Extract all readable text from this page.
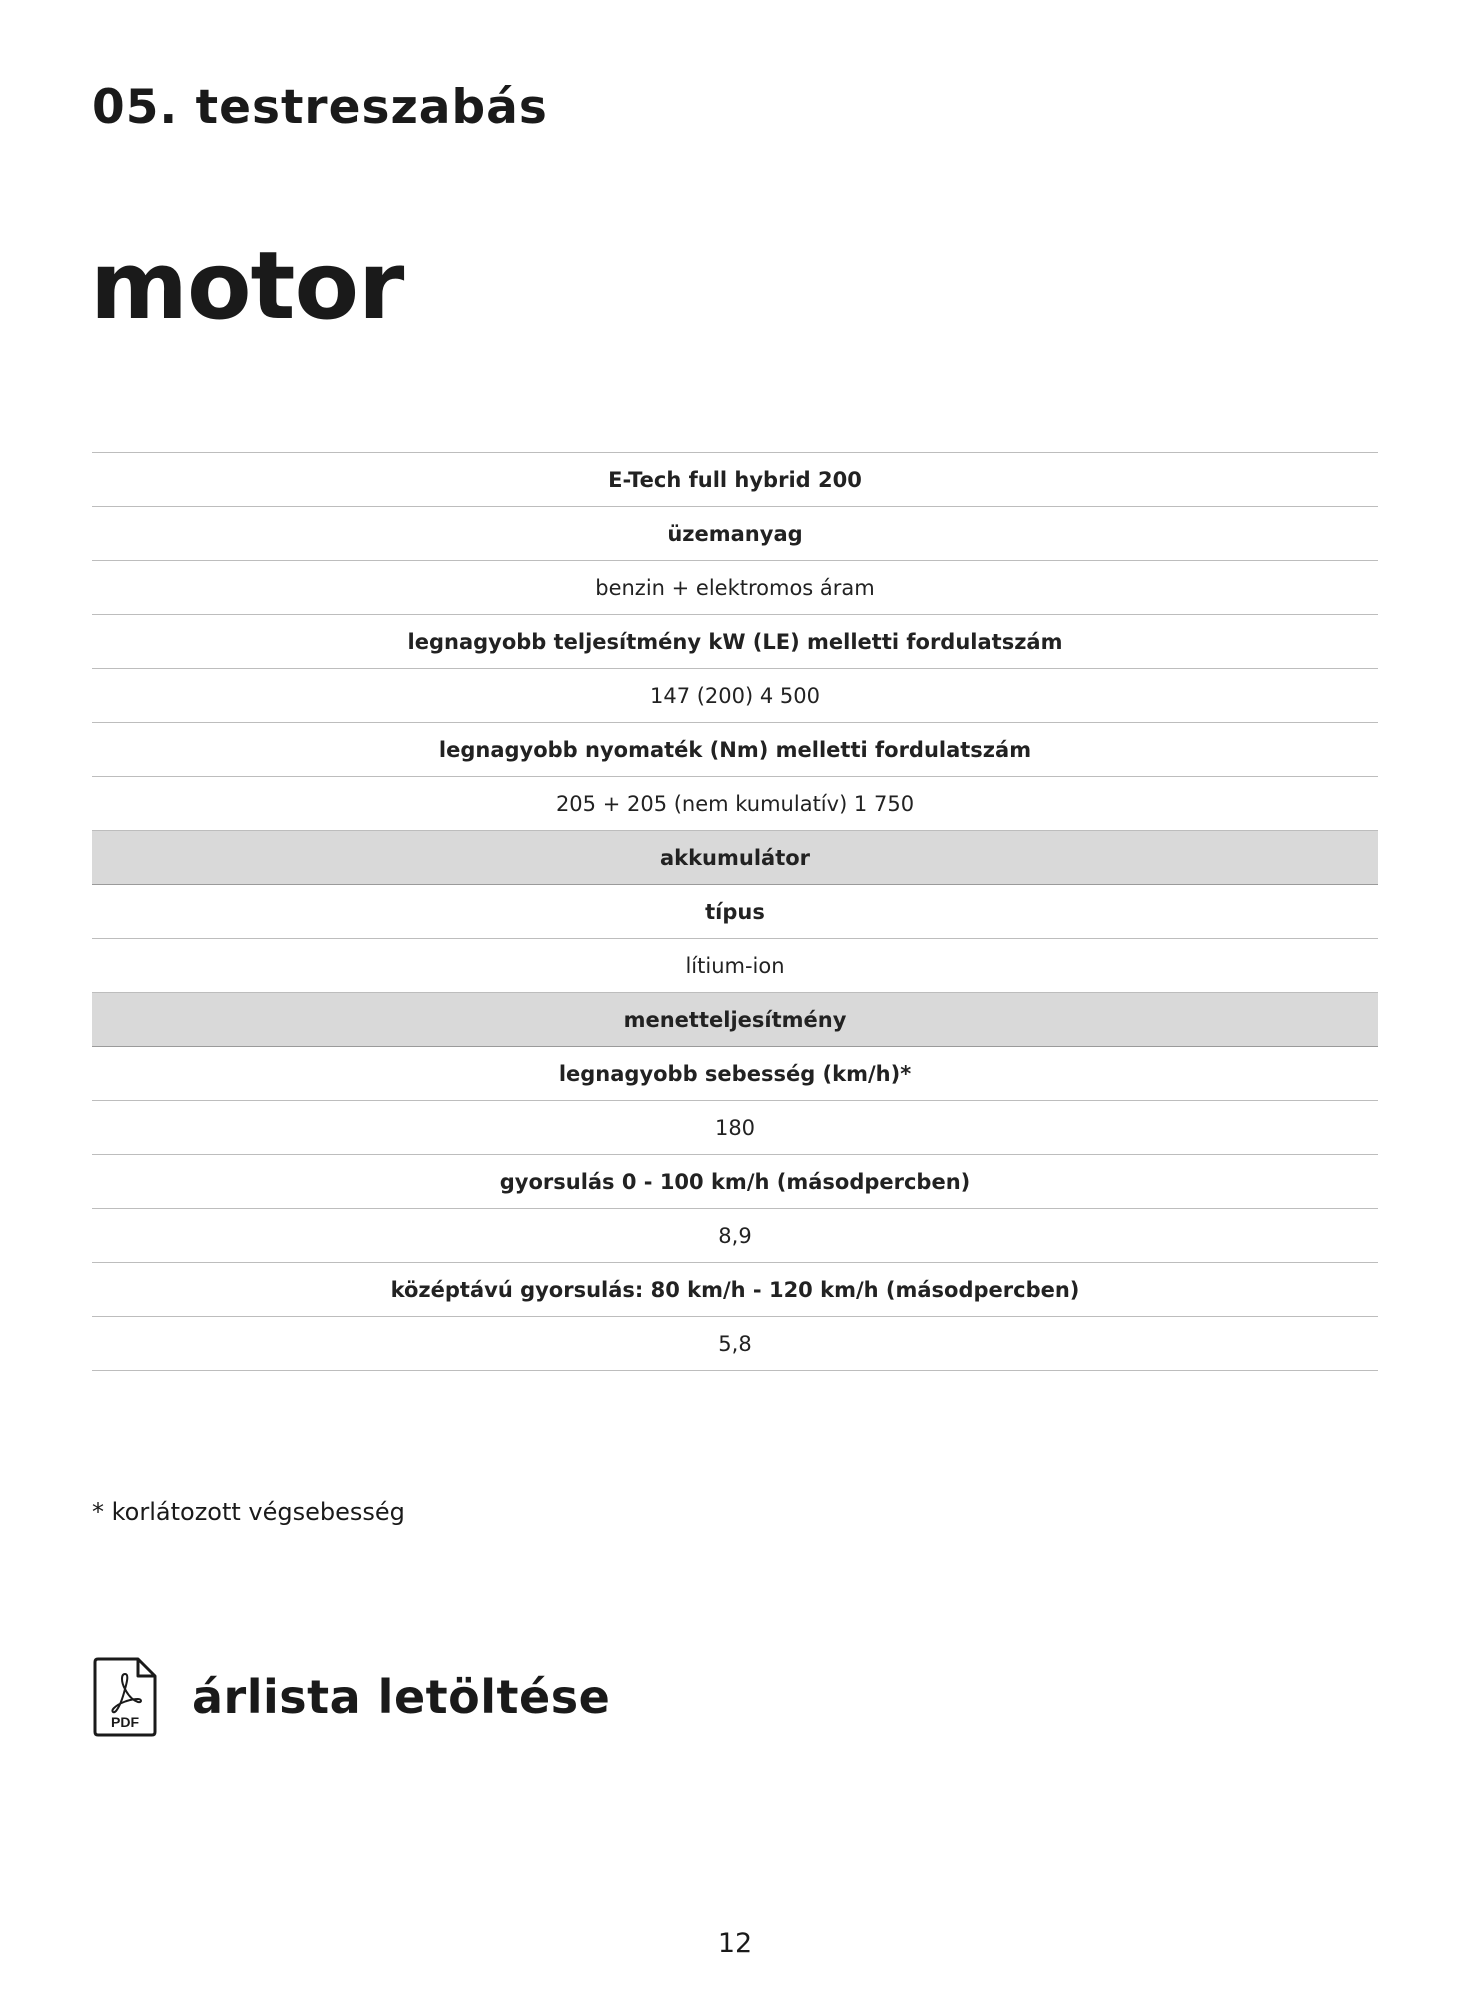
05. testreszabás
motor
E-Tech full hybrid 200
üzemanyag
benzin + elektromos áram
legnagyobb teljesítmény kW (LE) melletti fordulatszám
147 (200) 4 500
legnagyobb nyomaték (Nm) melletti fordulatszám
205 + 205 (nem kumulatív) 1 750
akkumulátor
típus
lítium-ion
menetteljesítmény
legnagyobb sebesség (km/h)*
180
gyorsulás 0 - 100 km/h (másodpercben)
8,9
középtávú gyorsulás: 80 km/h - 120 km/h (másodpercben)
5,8
* korlátozott végsebesség
PDF árlista letöltése
12
